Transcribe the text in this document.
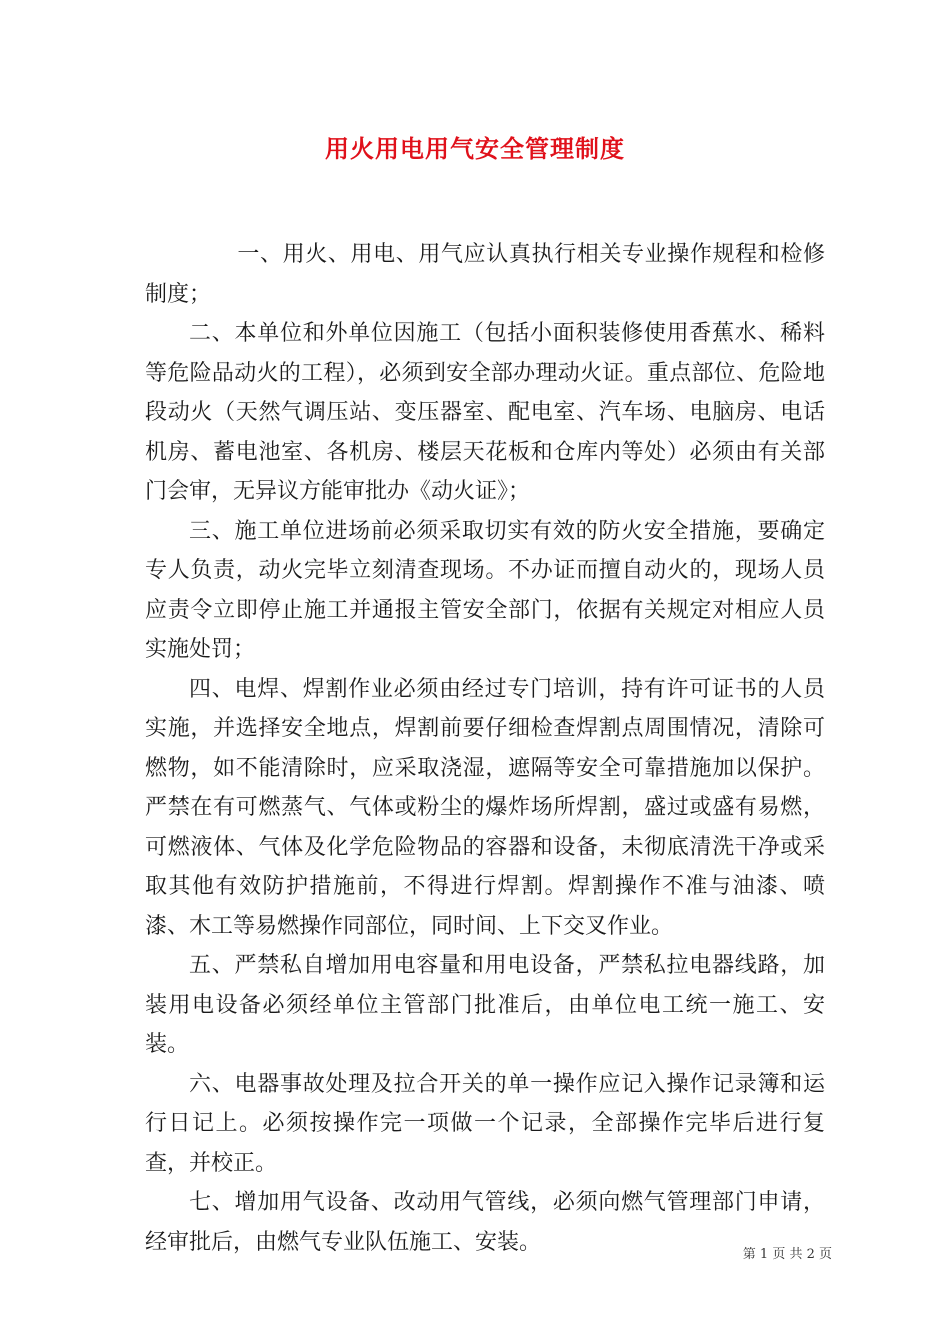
用火用电用气安全管理制度

一、用火、用电、用气应认真执行相关专业操作规程和检修制度；

二、本单位和外单位因施工（包括小面积装修使用香蕉水、稀料等危险品动火的工程），必须到安全部办理动火证。重点部位、危险地段动火（天然气调压站、变压器室、配电室、汽车场、电脑房、电话机房、蓄电池室、各机房、楼层天花板和仓库内等处）必须由有关部门会审，无异议方能审批办《动火证》；

三、施工单位进场前必须采取切实有效的防火安全措施，要确定专人负责，动火完毕立刻清查现场。不办证而擅自动火的，现场人员应责令立即停止施工并通报主管安全部门，依据有关规定对相应人员实施处罚；

四、电焊、焊割作业必须由经过专门培训，持有许可证书的人员实施，并选择安全地点，焊割前要仔细检查焊割点周围情况，清除可燃物，如不能清除时，应采取浇湿，遮隔等安全可靠措施加以保护。严禁在有可燃蒸气、气体或粉尘的爆炸场所焊割，盛过或盛有易燃，可燃液体、气体及化学危险物品的容器和设备，未彻底清洗干净或采取其他有效防护措施前，不得进行焊割。焊割操作不准与油漆、喷漆、木工等易燃操作同部位，同时间、上下交叉作业。

五、严禁私自增加用电容量和用电设备，严禁私拉电器线路，加装用电设备必须经单位主管部门批准后，由单位电工统一施工、安装。

六、电器事故处理及拉合开关的单一操作应记入操作记录簿和运行日记上。必须按操作完一项做一个记录，全部操作完毕后进行复查，并校正。

七、增加用气设备、改动用气管线，必须向燃气管理部门申请，经审批后，由燃气专业队伍施工、安装。	第 1 页 共 2 页
